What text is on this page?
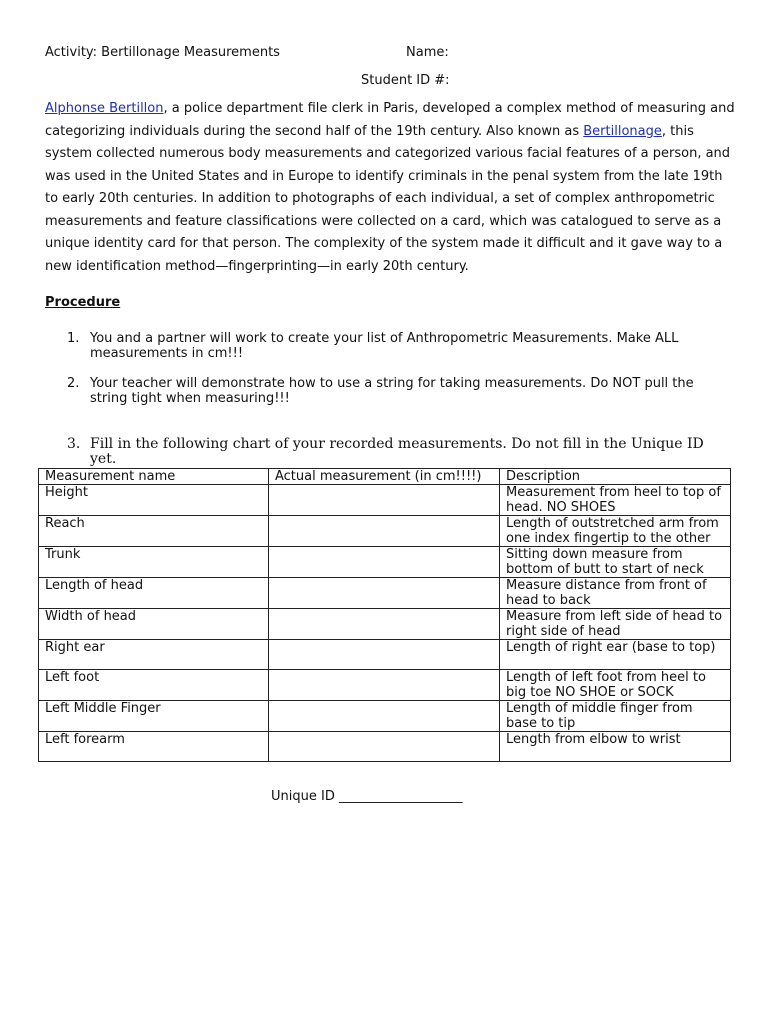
Activity: Bertillonage Measurements	Name:
Student ID #:

Alphonse Bertillon, a police department file clerk in Paris, developed a complex method of measuring and categorizing individuals during the second half of the 19th century. Also known as Bertillonage, this system collected numerous body measurements and categorized various facial features of a person, and was used in the United States and in Europe to identify criminals in the penal system from the late 19th to early 20th centuries. In addition to photographs of each individual, a set of complex anthropometric measurements and feature classifications were collected on a card, which was catalogued to serve as a unique identity card for that person. The complexity of the system made it difficult and it gave way to a new identification method—fingerprinting—in early 20th century.

Procedure
1. You and a partner will work to create your list of Anthropometric Measurements. Make ALL measurements in cm!!!
2. Your teacher will demonstrate how to use a string for taking measurements. Do NOT pull the string tight when measuring!!!
3. Fill in the following chart of your recorded measurements. Do not fill in the Unique ID yet.
Measurement name	Actual measurement (in cm!!!!)	Description
Height		Measurement from heel to top of head. NO SHOES
Reach		Length of outstretched arm from one index fingertip to the other
Trunk		Sitting down measure from bottom of butt to start of neck
Length of head		Measure distance from front of head to back
Width of head		Measure from left side of head to right side of head
Right ear		Length of right ear (base to top)
Left foot		Length of left foot from heel to big toe NO SHOE or SOCK
Left Middle Finger		Length of middle finger from base to tip
Left forearm		Length from elbow to wrist
Unique ID ___________________
